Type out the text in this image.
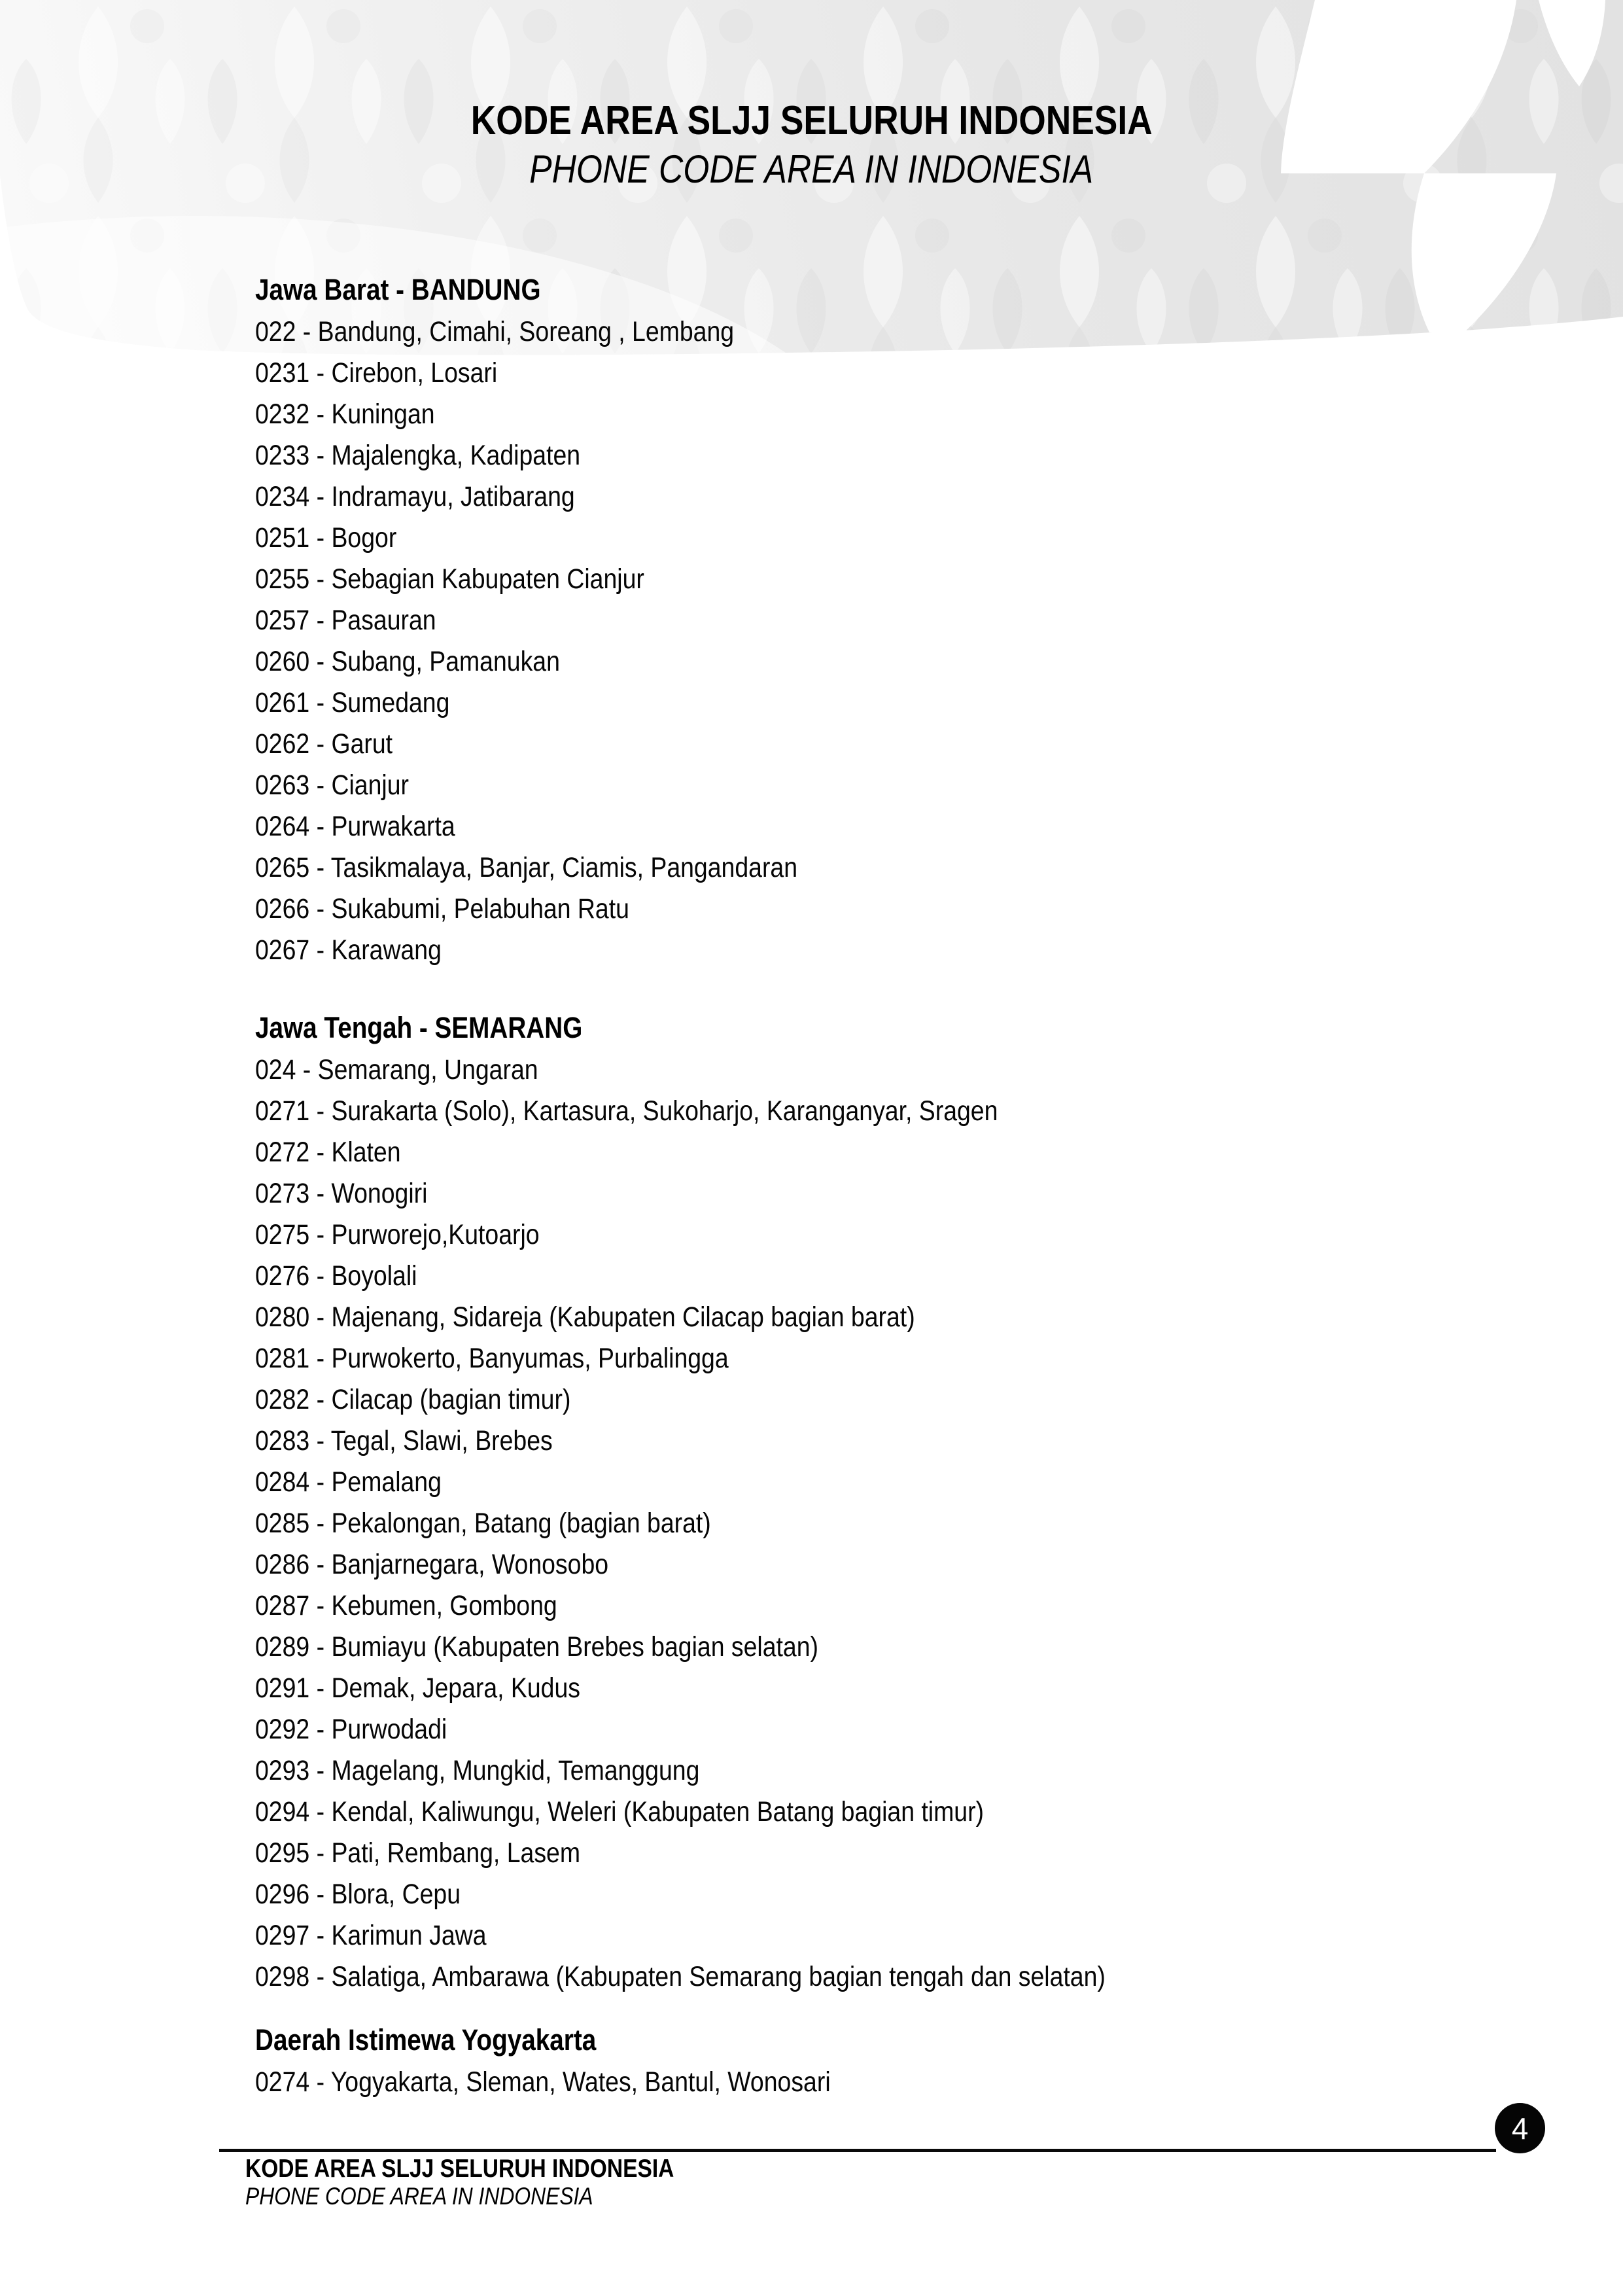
KODE AREA SLJJ SELURUH INDONESIA
PHONE CODE AREA IN INDONESIA
Jawa Barat - BANDUNG
022 - Bandung, Cimahi, Soreang , Lembang
0231 - Cirebon, Losari
0232 - Kuningan
0233 - Majalengka, Kadipaten
0234 - Indramayu, Jatibarang
0251 - Bogor
0255 - Sebagian Kabupaten Cianjur
0257 - Pasauran
0260 - Subang, Pamanukan
0261 - Sumedang
0262 - Garut
0263 - Cianjur
0264 - Purwakarta
0265 - Tasikmalaya, Banjar, Ciamis, Pangandaran
0266 - Sukabumi, Pelabuhan Ratu
0267 - Karawang
Jawa Tengah - SEMARANG
024 - Semarang, Ungaran
0271 - Surakarta (Solo), Kartasura, Sukoharjo, Karanganyar, Sragen
0272 - Klaten
0273 - Wonogiri
0275 - Purworejo,Kutoarjo
0276 - Boyolali
0280 - Majenang, Sidareja (Kabupaten Cilacap bagian barat)
0281 - Purwokerto, Banyumas, Purbalingga
0282 - Cilacap (bagian timur)
0283 - Tegal, Slawi, Brebes
0284 - Pemalang
0285 - Pekalongan, Batang (bagian barat)
0286 - Banjarnegara, Wonosobo
0287 - Kebumen, Gombong
0289 - Bumiayu (Kabupaten Brebes bagian selatan)
0291 - Demak, Jepara, Kudus
0292 - Purwodadi
0293 - Magelang, Mungkid, Temanggung
0294 - Kendal, Kaliwungu, Weleri (Kabupaten Batang bagian timur)
0295 - Pati, Rembang, Lasem
0296 - Blora, Cepu
0297 - Karimun Jawa
0298 - Salatiga, Ambarawa (Kabupaten Semarang bagian tengah dan selatan)
Daerah Istimewa Yogyakarta
0274 - Yogyakarta, Sleman, Wates, Bantul, Wonosari
4
KODE AREA SLJJ SELURUH INDONESIA
PHONE CODE AREA IN INDONESIA
